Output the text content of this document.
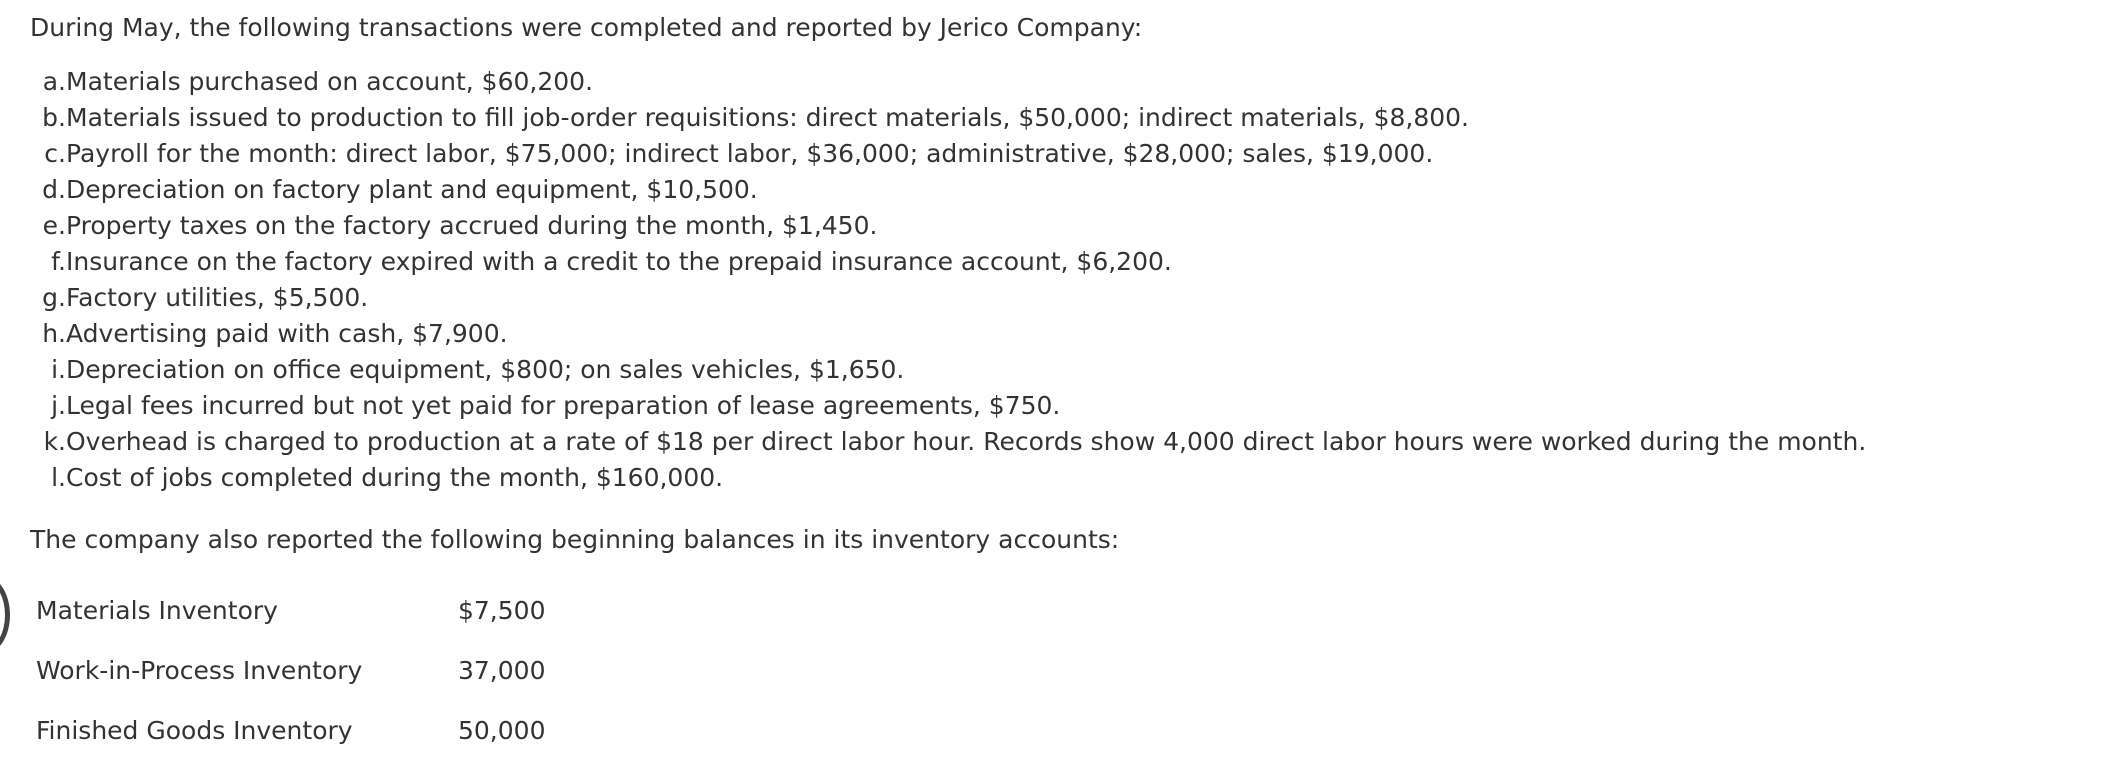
During May, the following transactions were completed and reported by Jerico Company:

a. Materials purchased on account, $60,200.
b. Materials issued to production to fill job-order requisitions: direct materials, $50,000; indirect materials, $8,800.
c. Payroll for the month: direct labor, $75,000; indirect labor, $36,000; administrative, $28,000; sales, $19,000.
d. Depreciation on factory plant and equipment, $10,500.
e. Property taxes on the factory accrued during the month, $1,450.
f. Insurance on the factory expired with a credit to the prepaid insurance account, $6,200.
g. Factory utilities, $5,500.
h. Advertising paid with cash, $7,900.
i. Depreciation on office equipment, $800; on sales vehicles, $1,650.
j. Legal fees incurred but not yet paid for preparation of lease agreements, $750.
k. Overhead is charged to production at a rate of $18 per direct labor hour. Records show 4,000 direct labor hours were worked during the month.
l. Cost of jobs completed during the month, $160,000.

The company also reported the following beginning balances in its inventory accounts:

Materials Inventory	$7,500
Work-in-Process Inventory	37,000
Finished Goods Inventory	50,000
